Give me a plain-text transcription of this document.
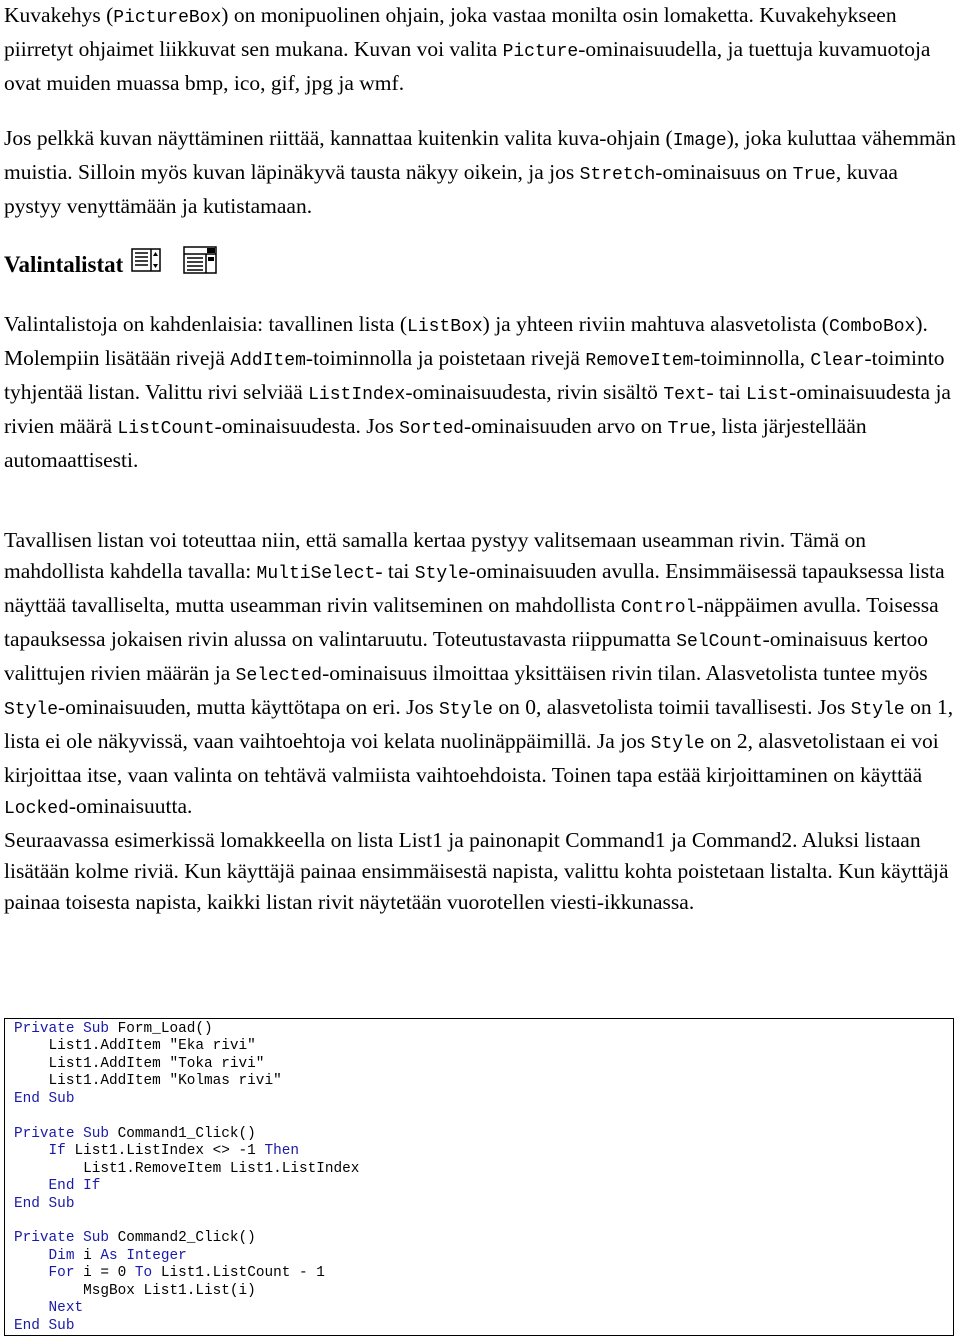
Kuvakehys (PictureBox) on monipuolinen ohjain, joka vastaa monilta osin lomaketta. Kuvakehykseen piirretyt ohjaimet liikkuvat sen mukana. Kuvan voi valita Picture-ominaisuudella, ja tuettuja kuvamuotoja ovat muiden muassa bmp, ico, gif, jpg ja wmf.

Jos pelkkä kuvan näyttäminen riittää, kannattaa kuitenkin valita kuva-ohjain (Image), joka kuluttaa vähemmän muistia. Silloin myös kuvan läpinäkyvä tausta näkyy oikein, ja jos Stretch-ominaisuus on True, kuvaa pystyy venyttämään ja kutistamaan.

Valintalistat

Valintalistoja on kahdenlaisia: tavallinen lista (ListBox) ja yhteen riviin mahtuva alasvetolista (ComboBox). Molempiin lisätään rivejä AddItem-toiminnolla ja poistetaan rivejä RemoveItem-toiminnolla, Clear-toiminto tyhjentää listan. Valittu rivi selviää ListIndex-ominaisuudesta, rivin sisältö Text- tai List-ominaisuudesta ja rivien määrä ListCount-ominaisuudesta. Jos Sorted-ominaisuuden arvo on True, lista järjestellään automaattisesti.

Tavallisen listan voi toteuttaa niin, että samalla kertaa pystyy valitsemaan useamman rivin. Tämä on mahdollista kahdella tavalla: MultiSelect- tai Style-ominaisuuden avulla. Ensimmäisessä tapauksessa lista näyttää tavalliselta, mutta useamman rivin valitseminen on mahdollista Control-näppäimen avulla. Toisessa tapauksessa jokaisen rivin alussa on valintaruutu. Toteutustavasta riippumatta SelCount-ominaisuus kertoo valittujen rivien määrän ja Selected-ominaisuus ilmoittaa yksittäisen rivin tilan. Alasvetolista tuntee myös Style-ominaisuuden, mutta käyttötapa on eri. Jos Style on 0, alasvetolista toimii tavallisesti. Jos Style on 1, lista ei ole näkyvissä, vaan vaihtoehtoja voi kelata nuolinäppäimillä. Ja jos Style on 2, alasvetolistaan ei voi kirjoittaa itse, vaan valinta on tehtävä valmiista vaihtoehdoista. Toinen tapa estää kirjoittaminen on käyttää Locked-ominaisuutta.
Seuraavassa esimerkissä lomakkeella on lista List1 ja painonapit Command1 ja Command2. Aluksi listaan lisätään kolme riviä. Kun käyttäjä painaa ensimmäisestä napista, valittu kohta poistetaan listalta. Kun käyttäjä painaa toisesta napista, kaikki listan rivit näytetään vuorotellen viesti-ikkunassa.

Private Sub Form_Load()
List1.AddItem "Eka rivi"
List1.AddItem "Toka rivi"
List1.AddItem "Kolmas rivi"
End Sub

Private Sub Command1_Click()
If List1.ListIndex <> -1 Then
List1.RemoveItem List1.ListIndex
End If
End Sub

Private Sub Command2_Click()
Dim i As Integer
For i = 0 To List1.ListCount - 1
MsgBox List1.List(i)
Next
End Sub
